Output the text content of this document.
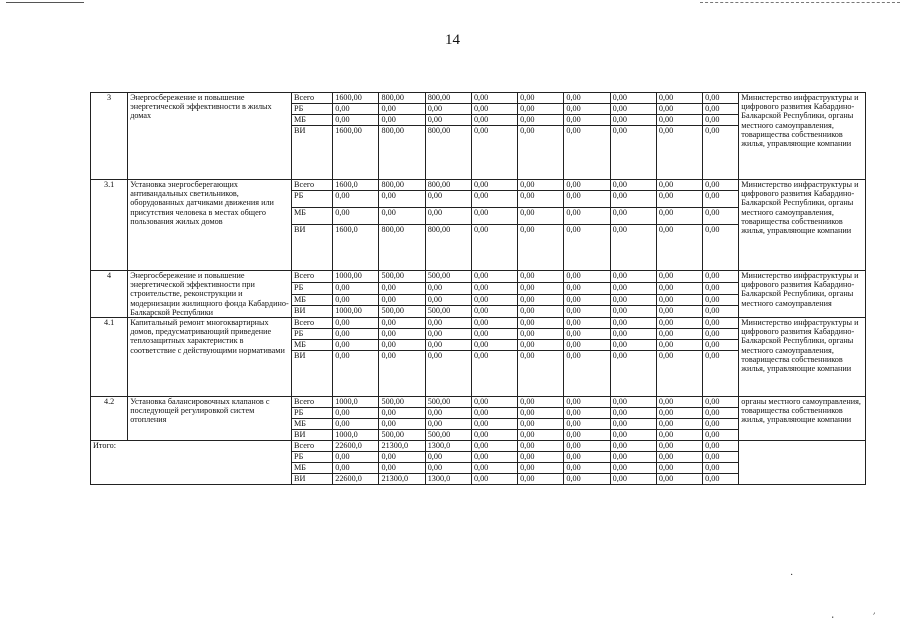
14
3	Энергосбережение и повышение энергетической эффективности в жилых домах	Всего	1600,00	800,00	800,00	0,00	0,00	0,00	0,00	0,00	0,00	Министерство инфраструктуры и цифрового развития Кабардино-Балкарской Республики, органы местного самоуправления, товарищества собственников жилья, управляющие компании
		РБ	0,00	0,00	0,00	0,00	0,00	0,00	0,00	0,00	0,00	
		МБ	0,00	0,00	0,00	0,00	0,00	0,00	0,00	0,00	0,00	
		ВИ	1600,00	800,00	800,00	0,00	0,00	0,00	0,00	0,00	0,00	
3.1	Установка энергосберегающих антивандальных светильников, оборудованных датчиками движения или присутствия человека в местах общего пользования жилых домов	Всего	1600,0	800,00	800,00	0,00	0,00	0,00	0,00	0,00	0,00	Министерство инфраструктуры и цифрового развития Кабардино-Балкарской Республики, органы местного самоуправления, товарищества собственников жилья, управляющие компании
		РБ	0,00	0,00	0,00	0,00	0,00	0,00	0,00	0,00	0,00	
		МБ	0,00	0,00	0,00	0,00	0,00	0,00	0,00	0,00	0,00	
		ВИ	1600,0	800,00	800,00	0,00	0,00	0,00	0,00	0,00	0,00	
4	Энергосбережение и повышение энергетической эффективности при строительстве, реконструкции и модернизации жилищного фонда Кабардино-Балкарской Республики	Всего	1000,00	500,00	500,00	0,00	0,00	0,00	0,00	0,00	0,00	Министерство инфраструктуры и цифрового развития Кабардино-Балкарской Республики, органы местного самоуправления
		РБ	0,00	0,00	0,00	0,00	0,00	0,00	0,00	0,00	0,00	
		МБ	0,00	0,00	0,00	0,00	0,00	0,00	0,00	0,00	0,00	
		ВИ	1000,00	500,00	500,00	0,00	0,00	0,00	0,00	0,00	0,00	
4.1	Капитальный ремонт многоквартирных домов, предусматривающий приведение теплозащитных характеристик в соответствие с действующими нормативами	Всего	0,00	0,00	0,00	0,00	0,00	0,00	0,00	0,00	0,00	Министерство инфраструктуры и цифрового развития Кабардино-Балкарской Республики, органы местного самоуправления, товарищества собственников жилья, управляющие компании
		РБ	0,00	0,00	0,00	0,00	0,00	0,00	0,00	0,00	0,00	
		МБ	0,00	0,00	0,00	0,00	0,00	0,00	0,00	0,00	0,00	
		ВИ	0,00	0,00	0,00	0,00	0,00	0,00	0,00	0,00	0,00	
4.2	Установка балансировочных клапанов с последующей регулировкой систем отопления	Всего	1000,0	500,00	500,00	0,00	0,00	0,00	0,00	0,00	0,00	органы местного самоуправления, товарищества собственников жилья, управляющие компании
		РБ	0,00	0,00	0,00	0,00	0,00	0,00	0,00	0,00	0,00	
		МБ	0,00	0,00	0,00	0,00	0,00	0,00	0,00	0,00	0,00	
		ВИ	1000,0	500,00	500,00	0,00	0,00	0,00	0,00	0,00	0,00	
Итого:		Всего	22600,0	21300,0	1300,0	0,00	0,00	0,00	0,00	0,00	0,00	
		РБ	0,00	0,00	0,00	0,00	0,00	0,00	0,00	0,00	0,00	
		МБ	0,00	0,00	0,00	0,00	0,00	0,00	0,00	0,00	0,00	
		ВИ	22600,0	21300,0	1300,0	0,00	0,00	0,00	0,00	0,00	0,00	
·
٠	׳
